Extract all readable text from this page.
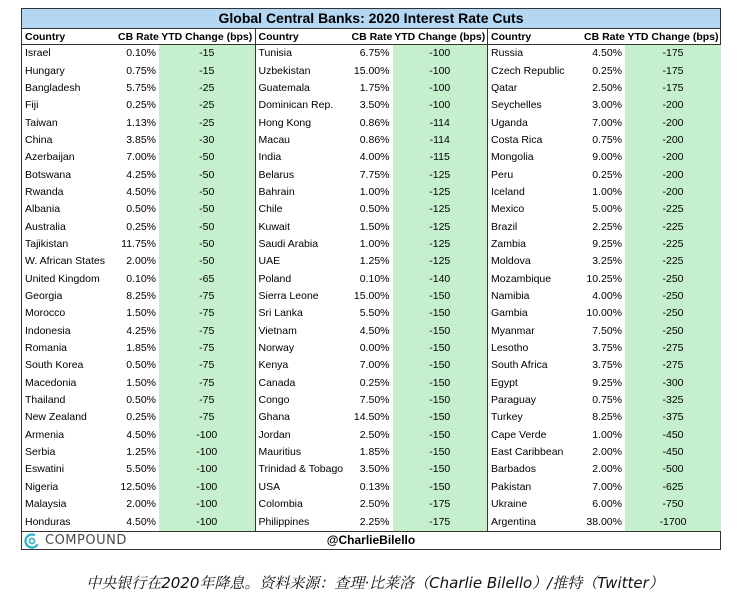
Global Central Banks: 2020 Interest Rate Cuts
Country	CB Rate	YTD Change (bps)
Israel	0.10%	-15
Hungary	0.75%	-15
Bangladesh	5.75%	-25
Fiji	0.25%	-25
Taiwan	1.13%	-25
China	3.85%	-30
Azerbaijan	7.00%	-50
Botswana	4.25%	-50
Rwanda	4.50%	-50
Albania	0.50%	-50
Australia	0.25%	-50
Tajikistan	11.75%	-50
W. African States	2.00%	-50
United Kingdom	0.10%	-65
Georgia	8.25%	-75
Morocco	1.50%	-75
Indonesia	4.25%	-75
Romania	1.85%	-75
South Korea	0.50%	-75
Macedonia	1.50%	-75
Thailand	0.50%	-75
New Zealand	0.25%	-75
Armenia	4.50%	-100
Serbia	1.25%	-100
Eswatini	5.50%	-100
Nigeria	12.50%	-100
Malaysia	2.00%	-100
Honduras	4.50%	-100
Country	CB Rate	YTD Change (bps)
Tunisia	6.75%	-100
Uzbekistan	15.00%	-100
Guatemala	1.75%	-100
Dominican Rep.	3.50%	-100
Hong Kong	0.86%	-114
Macau	0.86%	-114
India	4.00%	-115
Belarus	7.75%	-125
Bahrain	1.00%	-125
Chile	0.50%	-125
Kuwait	1.50%	-125
Saudi Arabia	1.00%	-125
UAE	1.25%	-125
Poland	0.10%	-140
Sierra Leone	15.00%	-150
Sri Lanka	5.50%	-150
Vietnam	4.50%	-150
Norway	0.00%	-150
Kenya	7.00%	-150
Canada	0.25%	-150
Congo	7.50%	-150
Ghana	14.50%	-150
Jordan	2.50%	-150
Mauritius	1.85%	-150
Trinidad & Tobago	3.50%	-150
USA	0.13%	-150
Colombia	2.50%	-175
Philippines	2.25%	-175
Country	CB Rate	YTD Change (bps)
Russia	4.50%	-175
Czech Republic	0.25%	-175
Qatar	2.50%	-175
Seychelles	3.00%	-200
Uganda	7.00%	-200
Costa Rica	0.75%	-200
Mongolia	9.00%	-200
Peru	0.25%	-200
Iceland	1.00%	-200
Mexico	5.00%	-225
Brazil	2.25%	-225
Zambia	9.25%	-225
Moldova	3.25%	-225
Mozambique	10.25%	-250
Namibia	4.00%	-250
Gambia	10.00%	-250
Myanmar	7.50%	-250
Lesotho	3.75%	-275
South Africa	3.75%	-275
Egypt	9.25%	-300
Paraguay	0.75%	-325
Turkey	8.25%	-375
Cape Verde	1.00%	-450
East Caribbean	2.00%	-450
Barbados	2.00%	-500
Pakistan	7.00%	-625
Ukraine	6.00%	-750
Argentina	38.00%	-1700
COMPOUND	@CharlieBilello
中央银行在2020年降息。资料来源：查理·比莱洛（Charlie Bilello）/推特（Twitter）
